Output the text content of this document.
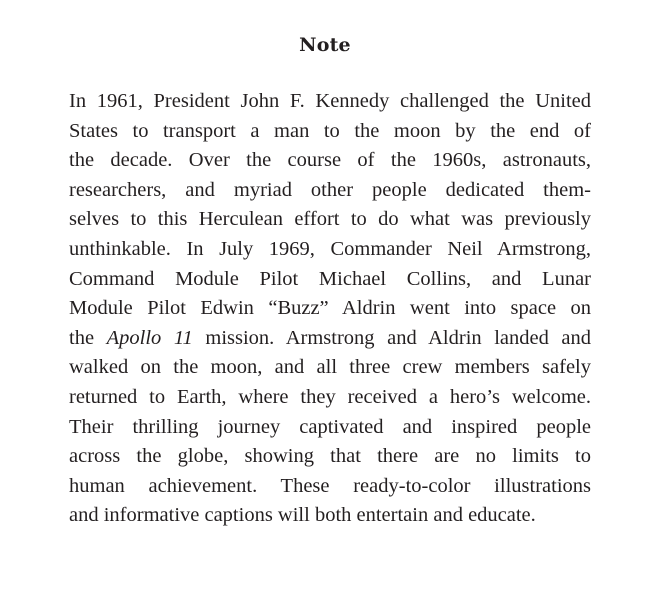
Note
In 1961, President John F. Kennedy challenged the United
States to transport a man to the moon by the end of
the decade. Over the course of the 1960s, astronauts,
researchers, and myriad other people dedicated them-
selves to this Herculean effort to do what was previously
unthinkable. In July 1969, Commander Neil Armstrong,
Command Module Pilot Michael Collins, and Lunar
Module Pilot Edwin “Buzz” Aldrin went into space on
the Apollo 11 mission. Armstrong and Aldrin landed and
walked on the moon, and all three crew members safely
returned to Earth, where they received a hero’s welcome.
Their thrilling journey captivated and inspired people
across the globe, showing that there are no limits to
human achievement. These ready-to-color illustrations
and informative captions will both entertain and educate.
